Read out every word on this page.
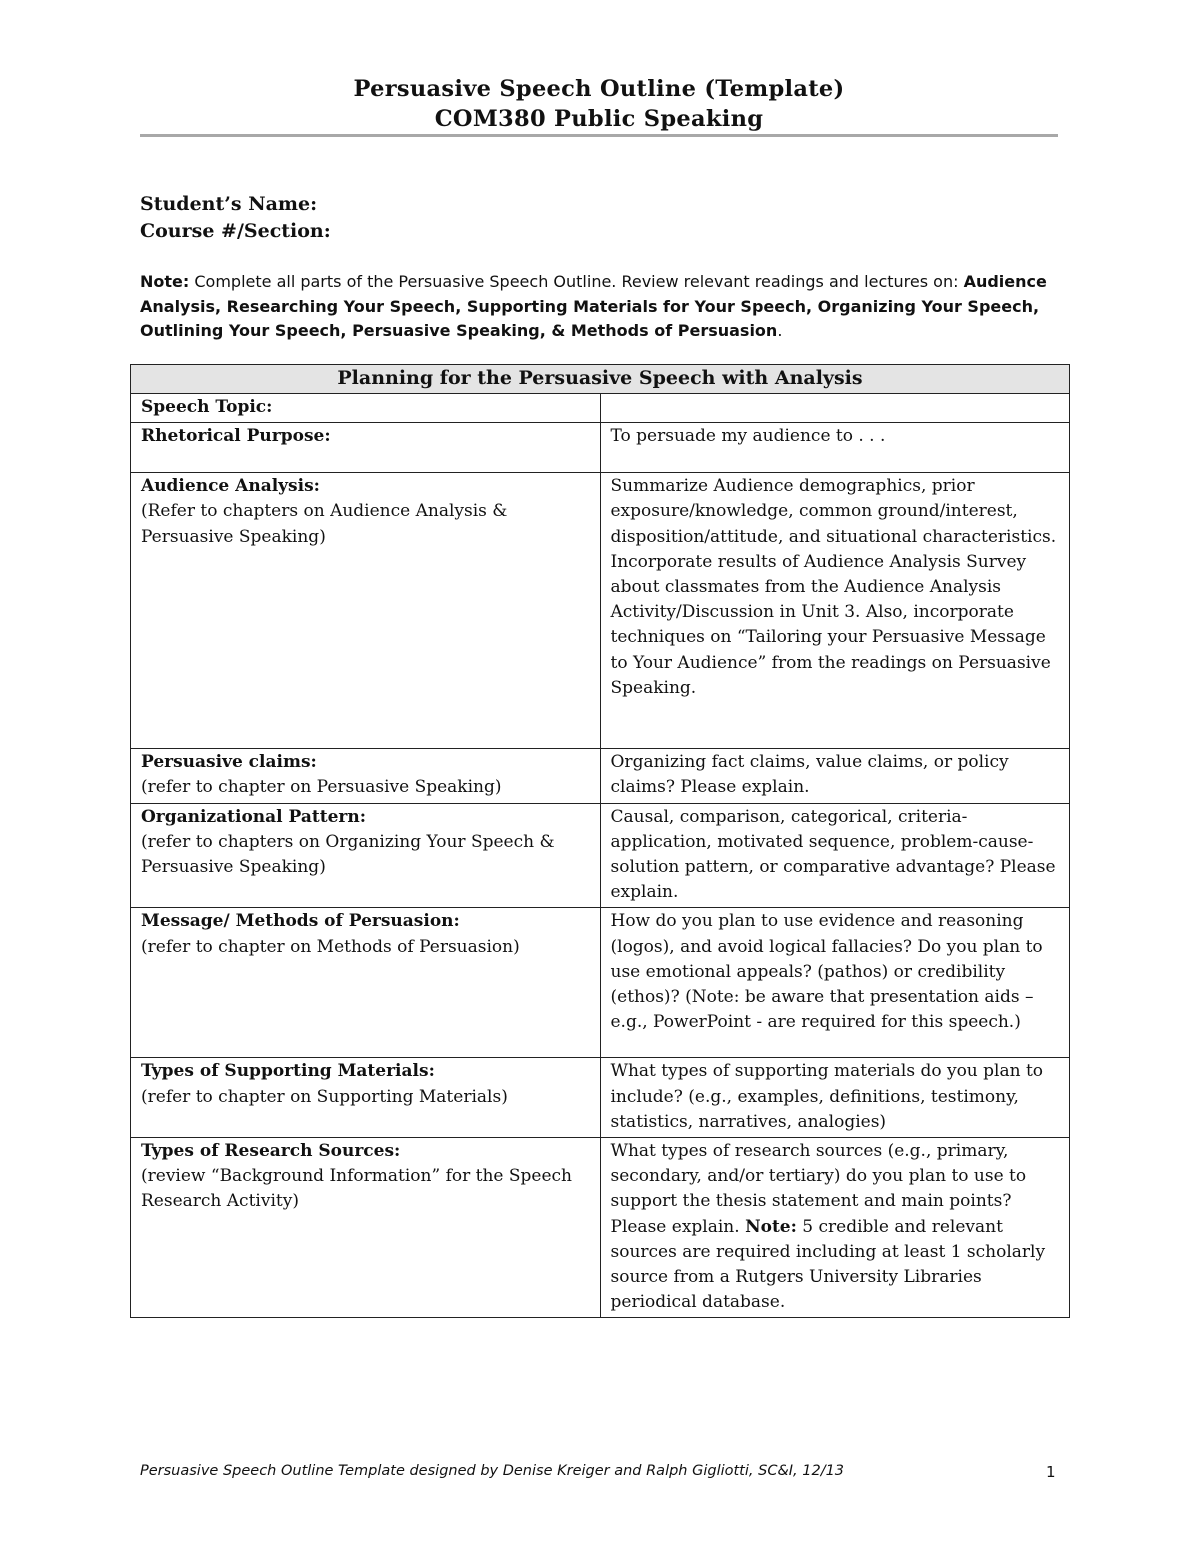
Persuasive Speech Outline (Template)
COM380 Public Speaking
Student’s Name:
Course #/Section:
Note: Complete all parts of the Persuasive Speech Outline. Review relevant readings and lectures on: Audience Analysis, Researching Your Speech, Supporting Materials for Your Speech, Organizing Your Speech, Outlining Your Speech, Persuasive Speaking, & Methods of Persuasion.
Planning for the Persuasive Speech with Analysis	

Speech Topic:	

Rhetorical Purpose:	To persuade my audience to . . .

Audience Analysis:
(Refer to chapters on Audience Analysis & Persuasive Speaking)	Summarize Audience demographics, prior exposure/knowledge, common ground/interest, disposition/attitude, and situational characteristics. Incorporate results of Audience Analysis Survey about classmates from the Audience Analysis Activity/Discussion in Unit 3. Also, incorporate techniques on “Tailoring your Persuasive Message to Your Audience” from the readings on Persuasive Speaking.

Persuasive claims:
(refer to chapter on Persuasive Speaking)	Organizing fact claims, value claims, or policy claims? Please explain.

Organizational Pattern:
(refer to chapters on Organizing Your Speech & Persuasive Speaking)	Causal, comparison, categorical, criteria-application, motivated sequence, problem-cause-solution pattern, or comparative advantage? Please explain.

Message/ Methods of Persuasion:
(refer to chapter on Methods of Persuasion)	How do you plan to use evidence and reasoning (logos), and avoid logical fallacies? Do you plan to use emotional appeals? (pathos) or credibility (ethos)? (Note: be aware that presentation aids – e.g., PowerPoint - are required for this speech.)

Types of Supporting Materials:
(refer to chapter on Supporting Materials)	What types of supporting materials do you plan to include? (e.g., examples, definitions, testimony, statistics, narratives, analogies)

Types of Research Sources:
(review “Background Information” for the Speech Research Activity)	What types of research sources (e.g., primary, secondary, and/or tertiary) do you plan to use to support the thesis statement and main points? Please explain. Note: 5 credible and relevant sources are required including at least 1 scholarly source from a Rutgers University Libraries periodical database.
Persuasive Speech Outline Template designed by Denise Kreiger and Ralph Gigliotti, SC&I, 12/13	1
